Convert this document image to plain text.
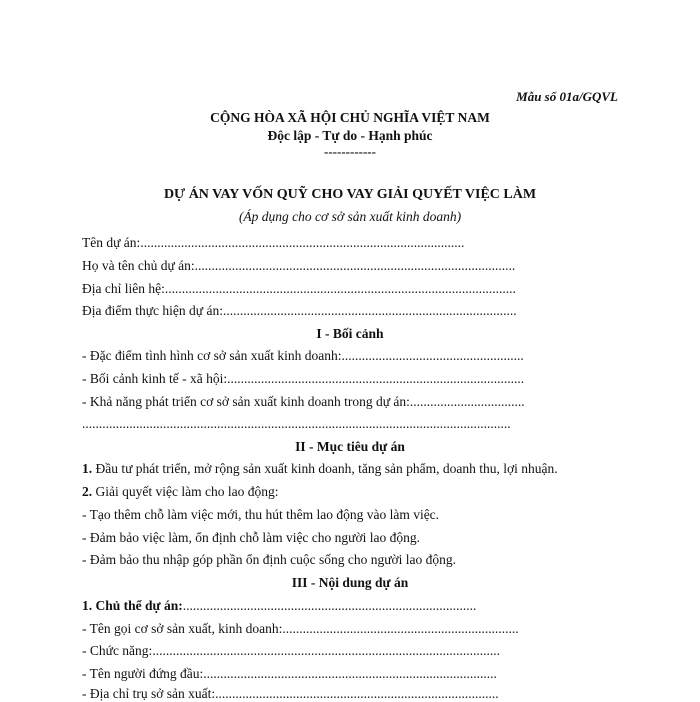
Mẫu số 01a/GQVL
CỘNG HÒA XÃ HỘI CHỦ NGHĨA VIỆT NAM
Độc lập - Tự do - Hạnh phúc
------------
DỰ ÁN VAY VỐN QUỸ CHO VAY GIẢI QUYẾT VIỆC LÀM
(Áp dụng cho cơ sở sản xuất kinh doanh)
Tên dự án:................................................................................................
Họ và tên chủ dự án:...............................................................................................
Địa chỉ liên hệ:........................................................................................................
Địa điểm thực hiện dự án:.......................................................................................
I - Bối cảnh
- Đặc điểm tình hình cơ sở sản xuất kinh doanh:......................................................
- Bối cảnh kinh tế - xã hội:........................................................................................
- Khả năng phát triển cơ sở sản xuất kinh doanh trong dự án:..................................
...............................................................................................................................
II - Mục tiêu dự án
1. Đầu tư phát triển, mở rộng sản xuất kinh doanh, tăng sản phẩm, doanh thu, lợi nhuận.
2. Giải quyết việc làm cho lao động:
- Tạo thêm chỗ làm việc mới, thu hút thêm lao động vào làm việc.
- Đảm bảo việc làm, ổn định chỗ làm việc cho người lao động.
- Đảm bảo thu nhập góp phần ổn định cuộc sống cho người lao động.
III - Nội dung dự án
1. Chủ thể dự án:.......................................................................................
- Tên gọi cơ sở sản xuất, kinh doanh:......................................................................
- Chức năng:.......................................................................................................
- Tên người đứng đầu:.......................................................................................
- Địa chỉ trụ sở sản xuất:....................................................................................
